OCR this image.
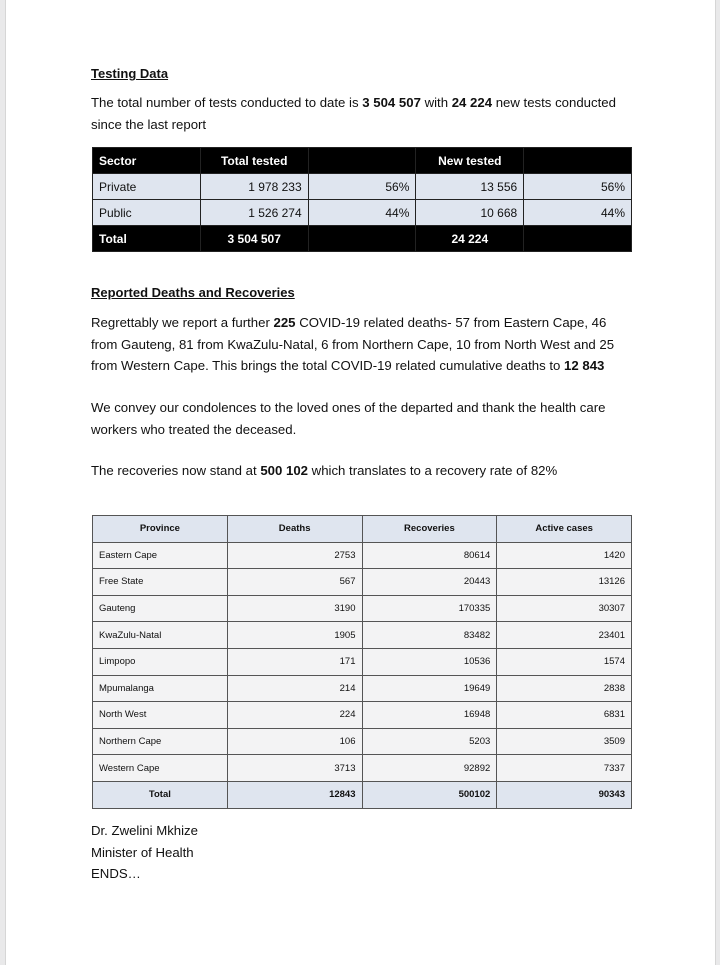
Testing Data
The total number of tests conducted to date is 3 504 507 with 24 224 new tests conducted since the last report
Sector	Total tested		New tested	
Private	1 978 233	56%	13 556	56%
Public	1 526 274	44%	10 668	44%
Total	3 504 507		24 224	
Reported Deaths and Recoveries
Regrettably we report a further 225 COVID-19 related deaths- 57 from Eastern Cape, 46 from Gauteng, 81 from KwaZulu-Natal, 6 from Northern Cape, 10 from North West and 25 from Western Cape. This brings the total COVID-19 related cumulative deaths to 12 843
We convey our condolences to the loved ones of the departed and thank the health care workers who treated the deceased.
The recoveries now stand at 500 102 which translates to a recovery rate of 82%
Province	Deaths	Recoveries	Active cases
Eastern Cape	2753	80614	1420
Free State	567	20443	13126
Gauteng	3190	170335	30307
KwaZulu-Natal	1905	83482	23401
Limpopo	171	10536	1574
Mpumalanga	214	19649	2838
North West	224	16948	6831
Northern Cape	106	5203	3509
Western Cape	3713	92892	7337
Total	12843	500102	90343
Dr. Zwelini Mkhize
Minister of Health
ENDS…
